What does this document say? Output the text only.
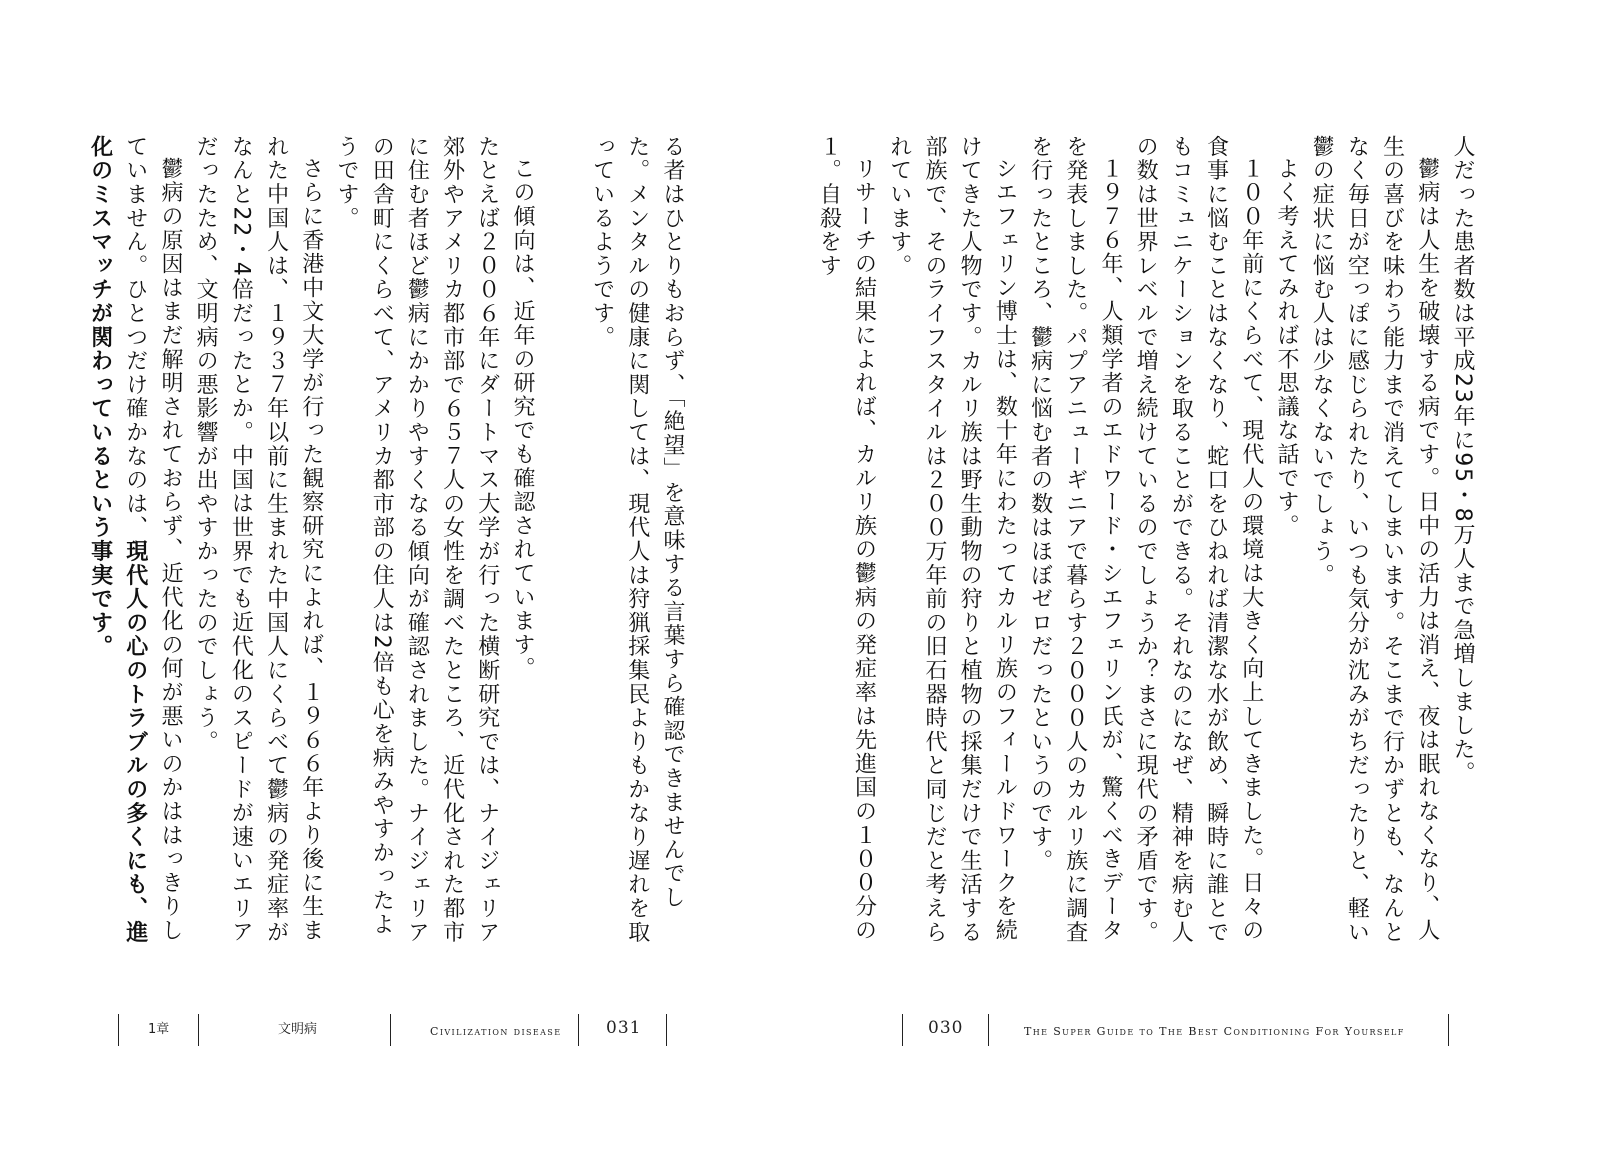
る者はひとりもおらず、「絶望」を意味する言葉すら確認できませんでした。メンタルの健康に関しては、現代人は狩猟採集民よりもかなり遅れを取っているようです。

この傾向は、近年の研究でも確認されています。

たとえば２００６年にダートマス大学が行った横断研究では、ナイジェリア郊外やアメリカ都市部で６５７人の女性を調べたところ、近代化された都市に住む者ほど鬱病にかかりやすくなる傾向が確認されました。ナイジェリアの田舎町にくらべて、アメリカ都市部の住人は2倍も心を病みやすかったようです。

さらに香港中文大学が行った観察研究によれば、１９６６年より後に生まれた中国人は、１９３７年以前に生まれた中国人にくらべて鬱病の発症率がなんと22・4倍だったとか。中国は世界でも近代化のスピードが速いエリアだったため、文明病の悪影響が出やすかったのでしょう。

鬱病の原因はまだ解明されておらず、近代化の何が悪いのかははっきりしていません。ひとつだけ確かなのは、現代人の心のトラブルの多くにも、進化のミスマッチが関わっているという事実です。

1章	文明病	Civilization disease	031

人だった患者数は平成23年に95・8万人まで急増しました。

鬱病は人生を破壊する病です。日中の活力は消え、夜は眠れなくなり、人生の喜びを味わう能力まで消えてしまいます。そこまで行かずとも、なんとなく毎日が空っぽに感じられたり、いつも気分が沈みがちだったりと、軽い鬱の症状に悩む人は少なくないでしょう。

よく考えてみれば不思議な話です。

１００年前にくらべて、現代人の環境は大きく向上してきました。日々の食事に悩むことはなくなり、蛇口をひねれば清潔な水が飲め、瞬時に誰とでもコミュニケーションを取ることができる。それなのになぜ、精神を病む人の数は世界レベルで増え続けているのでしょうか？まさに現代の矛盾です。

１９７６年、人類学者のエドワード・シエフェリン氏が、驚くべきデータを発表しました。パプアニューギニアで暮らす２０００人のカルリ族に調査を行ったところ、鬱病に悩む者の数はほぼゼロだったというのです。

シエフェリン博士は、数十年にわたってカルリ族のフィールドワークを続けてきた人物です。カルリ族は野生動物の狩りと植物の採集だけで生活する部族で、そのライフスタイルは２００万年前の旧石器時代と同じだと考えられています。

リサーチの結果によれば、カルリ族の鬱病の発症率は先進国の１００分の１。自殺をす

030	The Super Guide to The Best Conditioning For Yourself
